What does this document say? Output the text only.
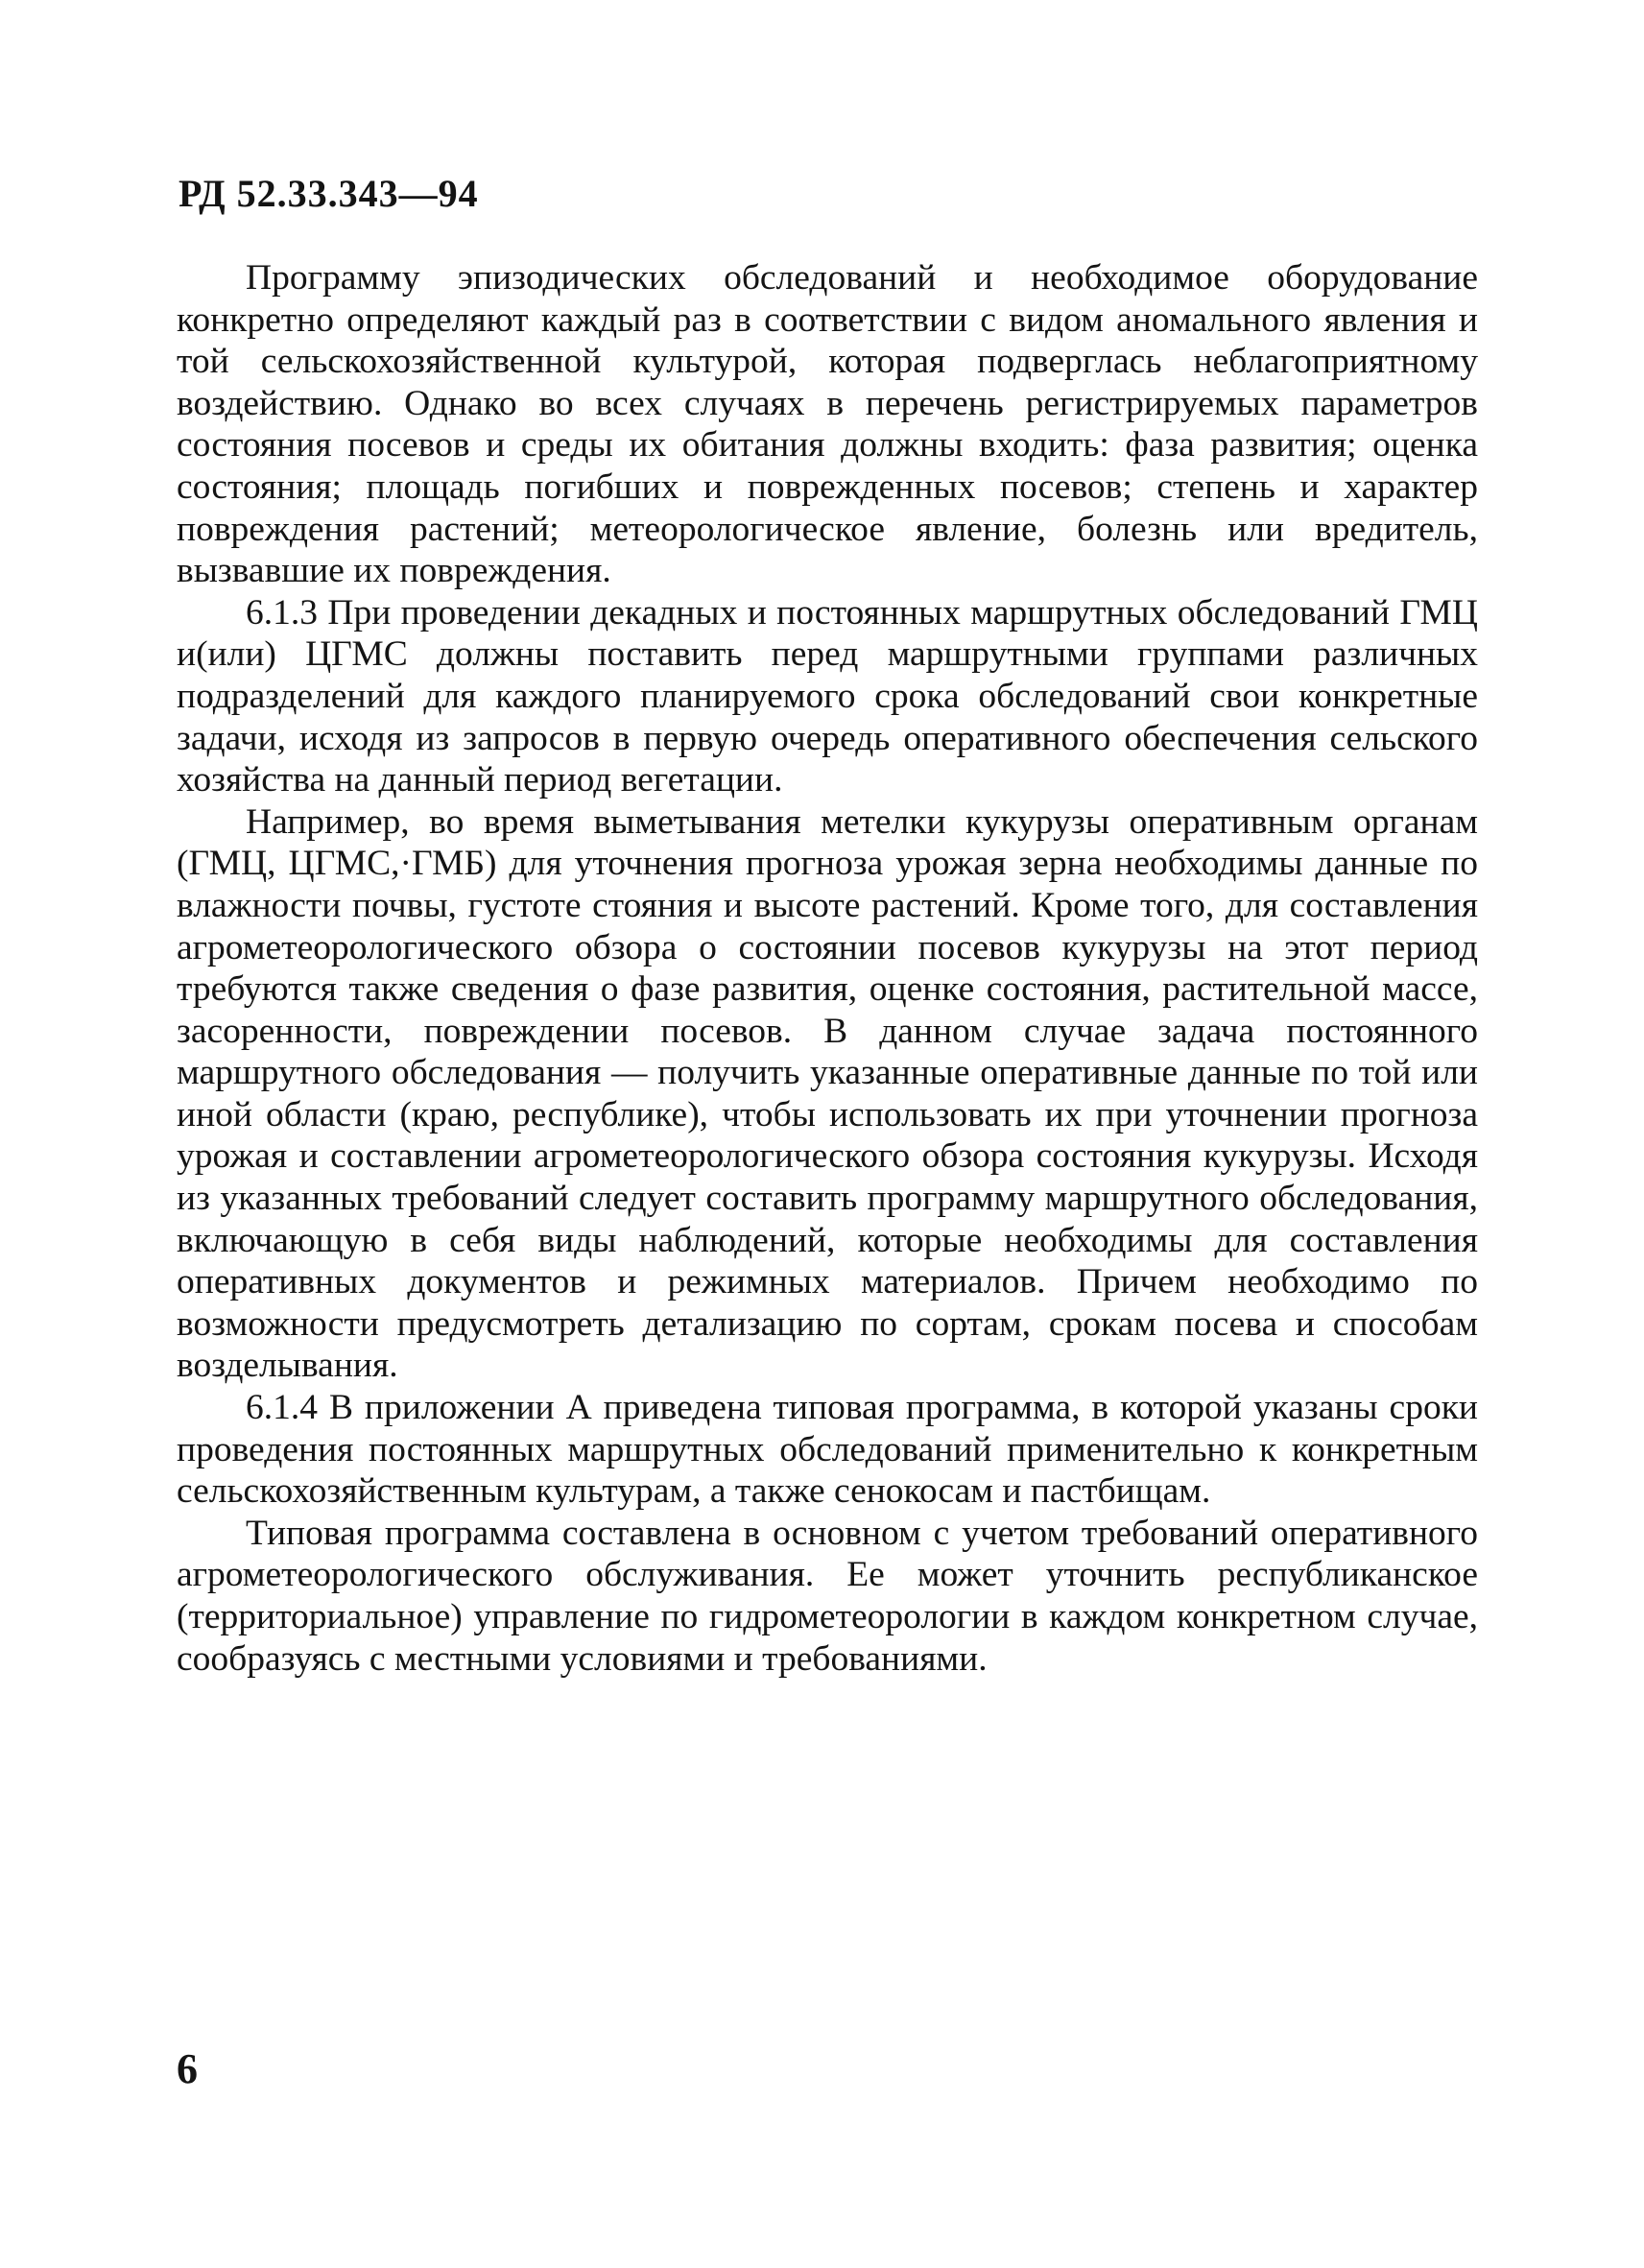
РД 52.33.343—94

Программу эпизодических обследований и необходимое оборудование конкретно определяют каждый раз в соответствии с видом аномального явления и той сельскохозяйственной культурой, которая подверглась неблагоприятному воздействию. Однако во всех случаях в перечень регистрируемых параметров состояния посевов и среды их обитания должны входить: фаза развития; оценка состояния; площадь погибших и поврежденных посевов; степень и характер повреждения растений; метеорологическое явление, болезнь или вредитель, вызвавшие их повреждения.

6.1.3 При проведении декадных и постоянных маршрутных обследований ГМЦ и(или) ЦГМС должны поставить перед маршрутными группами различных подразделений для каждого планируемого срока обследований свои конкретные задачи, исходя из запросов в первую очередь оперативного обеспечения сельского хозяйства на данный период вегетации.

Например, во время выметывания метелки кукурузы оперативным органам (ГМЦ, ЦГМС,·ГМБ) для уточнения прогноза урожая зерна необходимы данные по влажности почвы, густоте стояния и высоте растений. Кроме того, для составления агрометеорологического обзора о состоянии посевов кукурузы на этот период требуются также сведения о фазе развития, оценке состояния, растительной массе, засоренности, повреждении посевов. В данном случае задача постоянного маршрутного обследования — получить указанные оперативные данные по той или иной области (краю, республике), чтобы использовать их при уточнении прогноза урожая и составлении агрометеорологического обзора состояния кукурузы. Исходя из указанных требований следует составить программу маршрутного обследования, включающую в себя виды наблюдений, которые необходимы для составления оперативных документов и режимных материалов. Причем необходимо по возможности предусмотреть детализацию по сортам, срокам посева и способам возделывания.

6.1.4 В приложении А приведена типовая программа, в которой указаны сроки проведения постоянных маршрутных обследований применительно к конкретным сельскохозяйственным культурам, а также сенокосам и пастбищам.

Типовая программа составлена в основном с учетом требований оперативного агрометеорологического обслуживания. Ее может уточнить республиканское (территориальное) управление по гидрометеорологии в каждом конкретном случае, сообразуясь с местными условиями и требованиями.

6
